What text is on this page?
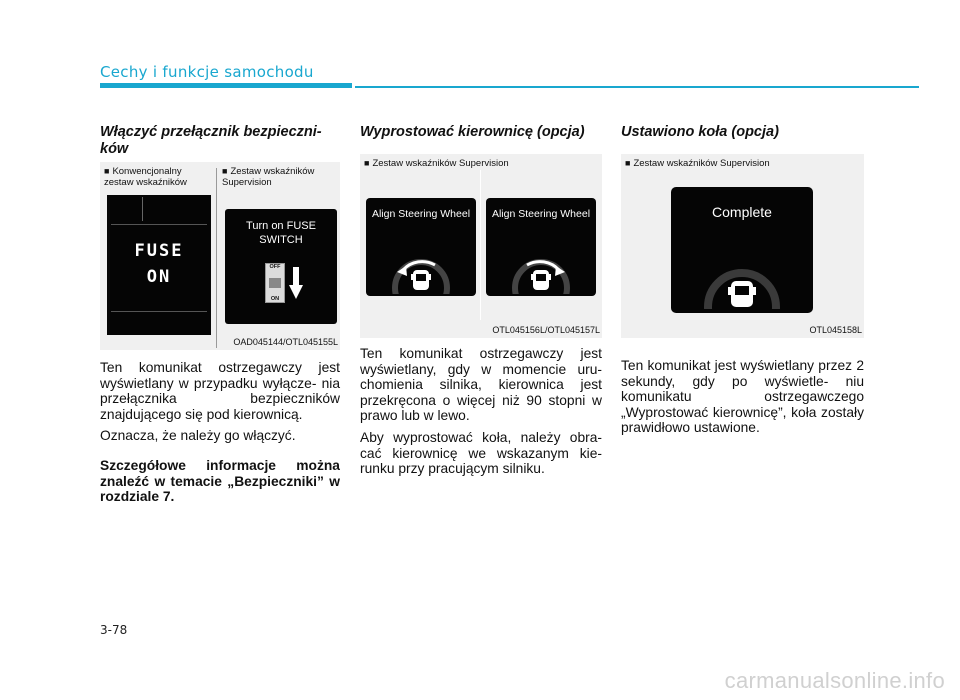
Cechy i funkcje samochodu
Włączyć przełącznik bezpieczni- ków
■ Konwencjonalny zestaw wskaźników
■ Zestaw wskaźników Supervision
FUSE
ON
Turn on FUSE SWITCH
OFF
ON
OAD045144/OTL045155L

Ten komunikat ostrzegawczy jest wyświetlany w przypadku wyłącze- nia przełącznika bezpieczników znajdującego się pod kierownicą.

Oznacza, że należy go włączyć.

Szczegółowe informacje można znaleźć w temacie „Bezpieczniki” w rozdziale 7.

Wyprostować kierownicę (opcja)
■ Zestaw wskaźników Supervision
Align Steering Wheel	Align Steering Wheel
OTL045156L/OTL045157L

Ten komunikat ostrzegawczy jest wyświetlany, gdy w momencie uru- chomienia silnika, kierownica jest przekręcona o więcej niż 90 stopni w prawo lub w lewo.

Aby wyprostować koła, należy obra- cać kierownicę we wskazanym kie- runku przy pracującym silniku.

Ustawiono koła (opcja)
■ Zestaw wskaźników Supervision
Complete
OTL045158L

Ten komunikat jest wyświetlany przez 2 sekundy, gdy po wyświetle- niu komunikatu ostrzegawczego „Wyprostować kierownicę”, koła zostały prawidłowo ustawione.

3-78
carmanualsonline.info
